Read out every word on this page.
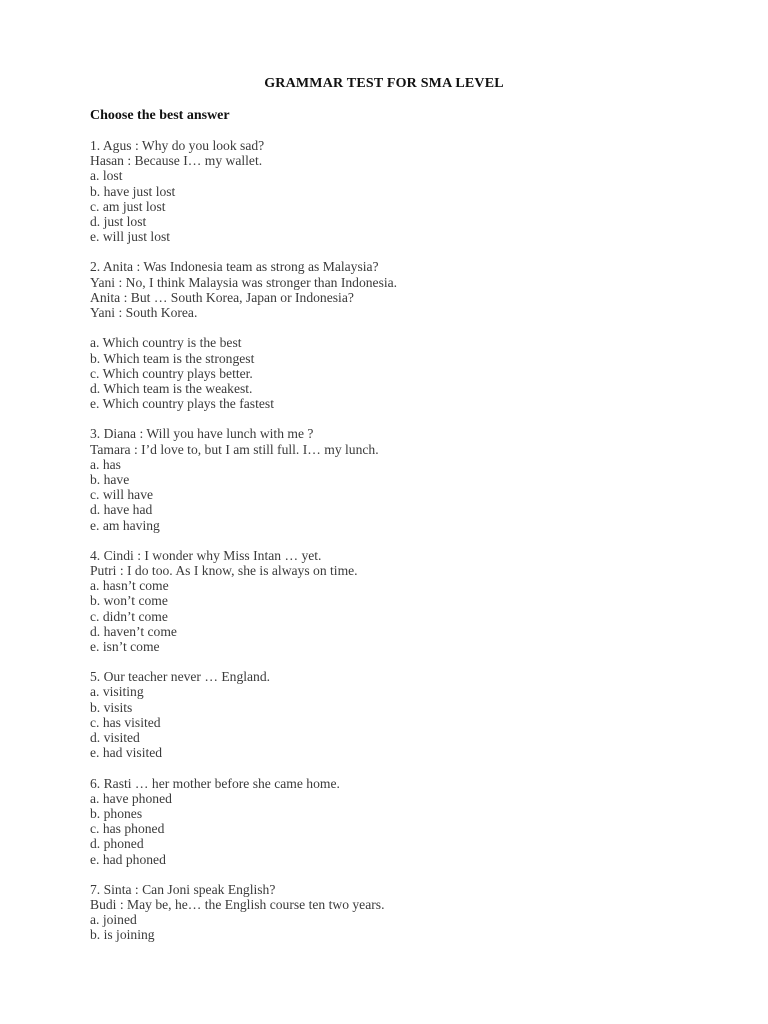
GRAMMAR TEST FOR SMA LEVEL
Choose the best answer

1. Agus : Why do you look sad?

Hasan : Because I… my wallet.

a. lost

b. have just lost

c. am just lost

d. just lost

e. will just lost

2. Anita : Was Indonesia team as strong as Malaysia?

Yani : No, I think Malaysia was stronger than Indonesia.

Anita : But … South Korea, Japan or Indonesia?

Yani : South Korea.

a. Which country is the best

b. Which team is the strongest

c. Which country plays better.

d. Which team is the weakest.

e. Which country plays the fastest

3. Diana : Will you have lunch with me ?

Tamara : I’d love to, but I am still full. I… my lunch.

a. has

b. have

c. will have

d. have had

e. am having

4. Cindi : I wonder why Miss Intan … yet.

Putri : I do too. As I know, she is always on time.

a. hasn’t come

b. won’t come

c. didn’t come

d. haven’t come

e. isn’t come

5. Our teacher never … England.

a. visiting

b. visits

c. has visited

d. visited

e. had visited

6. Rasti … her mother before she came home.

a. have phoned

b. phones

c. has phoned

d. phoned

e. had phoned

7. Sinta : Can Joni speak English?

Budi : May be, he… the English course ten two years.

a. joined

b. is joining
